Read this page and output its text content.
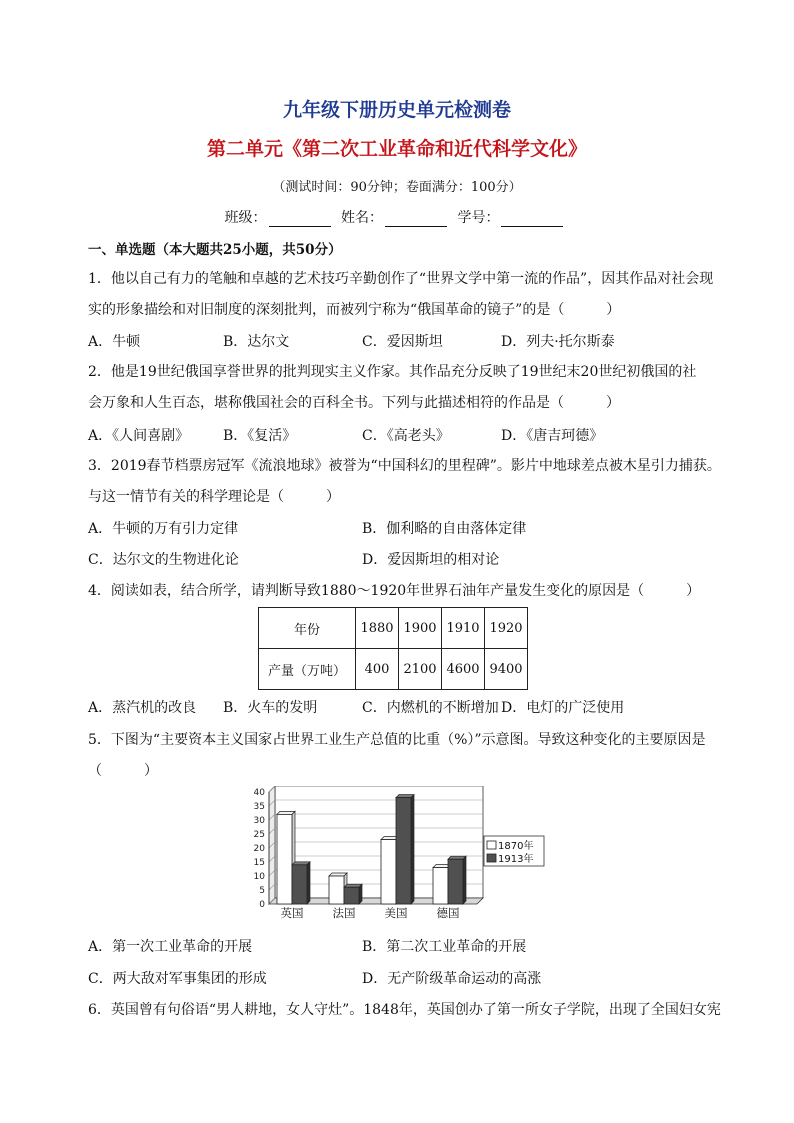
九年级下册历史单元检测卷
第二单元《第二次工业革命和近代科学文化》
（测试时间：90分钟；卷面满分：100分）
班级：	姓名：	学号：
一、单选题（本大题共25小题，共50分）
1．他以自己有力的笔触和卓越的艺术技巧辛勤创作了“世界文学中第一流的作品”，因其作品对社会现
实的形象描绘和对旧制度的深刻批判，而被列宁称为“俄国革命的镜子”的是（　　　）
A．牛顿	B．达尔文	C．爱因斯坦	D．列夫·托尔斯泰
2．他是19世纪俄国享誉世界的批判现实主义作家。其作品充分反映了19世纪末20世纪初俄国的社
会万象和人生百态，堪称俄国社会的百科全书。下列与此描述相符的作品是（　　　）
A．《人间喜剧》 B．《复活》	C．《高老头》	D．《唐吉珂德》
3．2019春节档票房冠军《流浪地球》被誉为“中国科幻的里程碑”。影片中地球差点被木星引力捕获。
与这一情节有关的科学理论是（　　　）
A．牛顿的万有引力定律	B．伽利略的自由落体定律
C．达尔文的生物进化论	D．爱因斯坦的相对论
4．阅读如表，结合所学，请判断导致1880～1920年世界石油年产量发生变化的原因是（　　　）
年份	1880	1900	1910	1920
产量（万吨）	400	2100	4600	9400
A．蒸汽机的改良 B．火车的发明	C．内燃机的不断增加 D．电灯的广泛使用
5．下图为“主要资本主义国家占世界工业生产总值的比重（%）”示意图。导致这种变化的主要原因是
（　　　）
0
5
10
15
20
25
30
35
40
英国	法国	美国	德国
1870年
1913年
A．第一次工业革命的开展	B．第二次工业革命的开展
C．两大敌对军事集团的形成	D．无产阶级革命运动的高涨
6．英国曾有句俗语“男人耕地，女人守灶”。1848年，英国创办了第一所女子学院，出现了全国妇女宪
